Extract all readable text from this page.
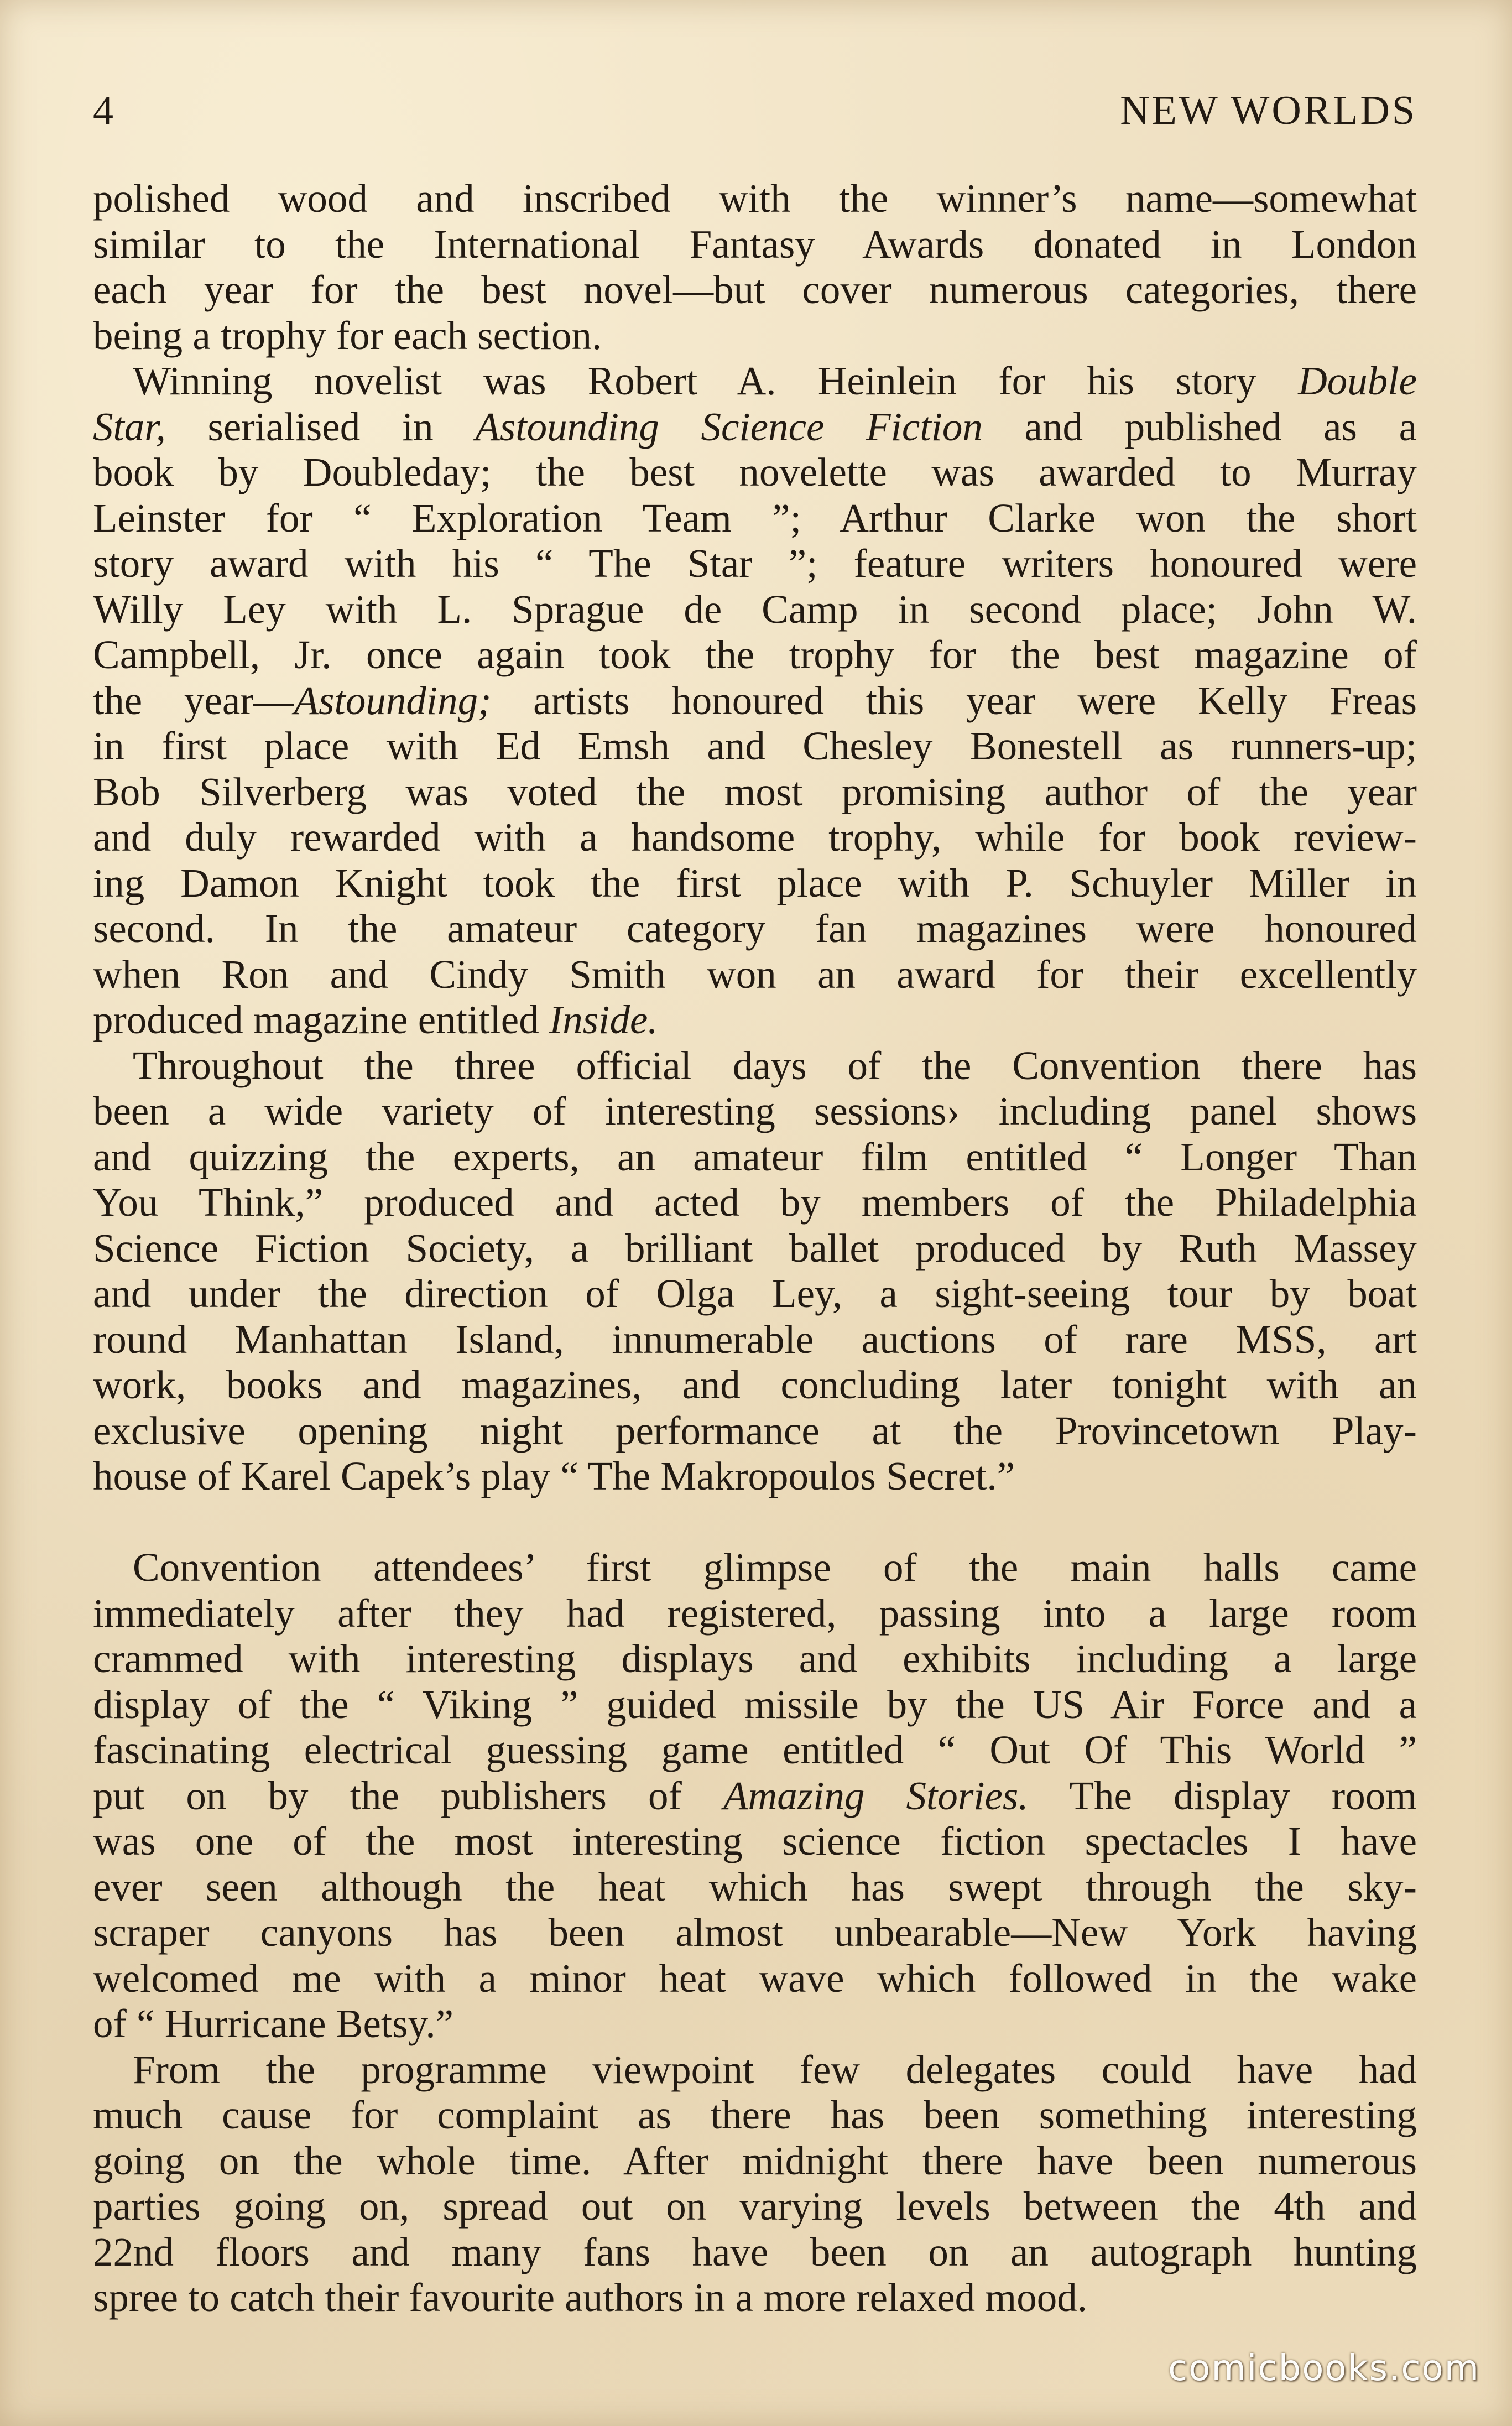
4	NEW WORLDS
polished wood and inscribed with the winner’s name—somewhat
similar to the International Fantasy Awards donated in London
each year for the best novel—but cover numerous categories, there
being a trophy for each section.
Winning novelist was Robert A. Heinlein for his story Double
Star, serialised in Astounding Science Fiction and published as a
book by Doubleday; the best novelette was awarded to Murray
Leinster for “ Exploration Team ”; Arthur Clarke won the short
story award with his “ The Star ”; feature writers honoured were
Willy Ley with L. Sprague de Camp in second place; John W.
Campbell, Jr. once again took the trophy for the best magazine of
the year—Astounding; artists honoured this year were Kelly Freas
in first place with Ed Emsh and Chesley Bonestell as runners-up;
Bob Silverberg was voted the most promising author of the year
and duly rewarded with a handsome trophy, while for book review-
ing Damon Knight took the first place with P. Schuyler Miller in
second. In the amateur category fan magazines were honoured
when Ron and Cindy Smith won an award for their excellently
produced magazine entitled Inside.
Throughout the three official days of the Convention there has
been a wide variety of interesting sessions› including panel shows
and quizzing the experts, an amateur film entitled “ Longer Than
You Think,” produced and acted by members of the Philadelphia
Science Fiction Society, a brilliant ballet produced by Ruth Massey
and under the direction of Olga Ley, a sight-seeing tour by boat
round Manhattan Island, innumerable auctions of rare MSS, art
work, books and magazines, and concluding later tonight with an
exclusive opening night performance at the Provincetown Play-
house of Karel Capek’s play “ The Makropoulos Secret.”
Convention attendees’ first glimpse of the main halls came
immediately after they had registered, passing into a large room
crammed with interesting displays and exhibits including a large
display of the “ Viking ” guided missile by the US Air Force and a
fascinating electrical guessing game entitled “ Out Of This World ”
put on by the publishers of Amazing Stories. The display room
was one of the most interesting science fiction spectacles I have
ever seen although the heat which has swept through the sky-
scraper canyons has been almost unbearable—New York having
welcomed me with a minor heat wave which followed in the wake
of “ Hurricane Betsy.”
From the programme viewpoint few delegates could have had
much cause for complaint as there has been something interesting
going on the whole time. After midnight there have been numerous
parties going on, spread out on varying levels between the 4th and
22nd floors and many fans have been on an autograph hunting
spree to catch their favourite authors in a more relaxed mood.
comicbooks.com
